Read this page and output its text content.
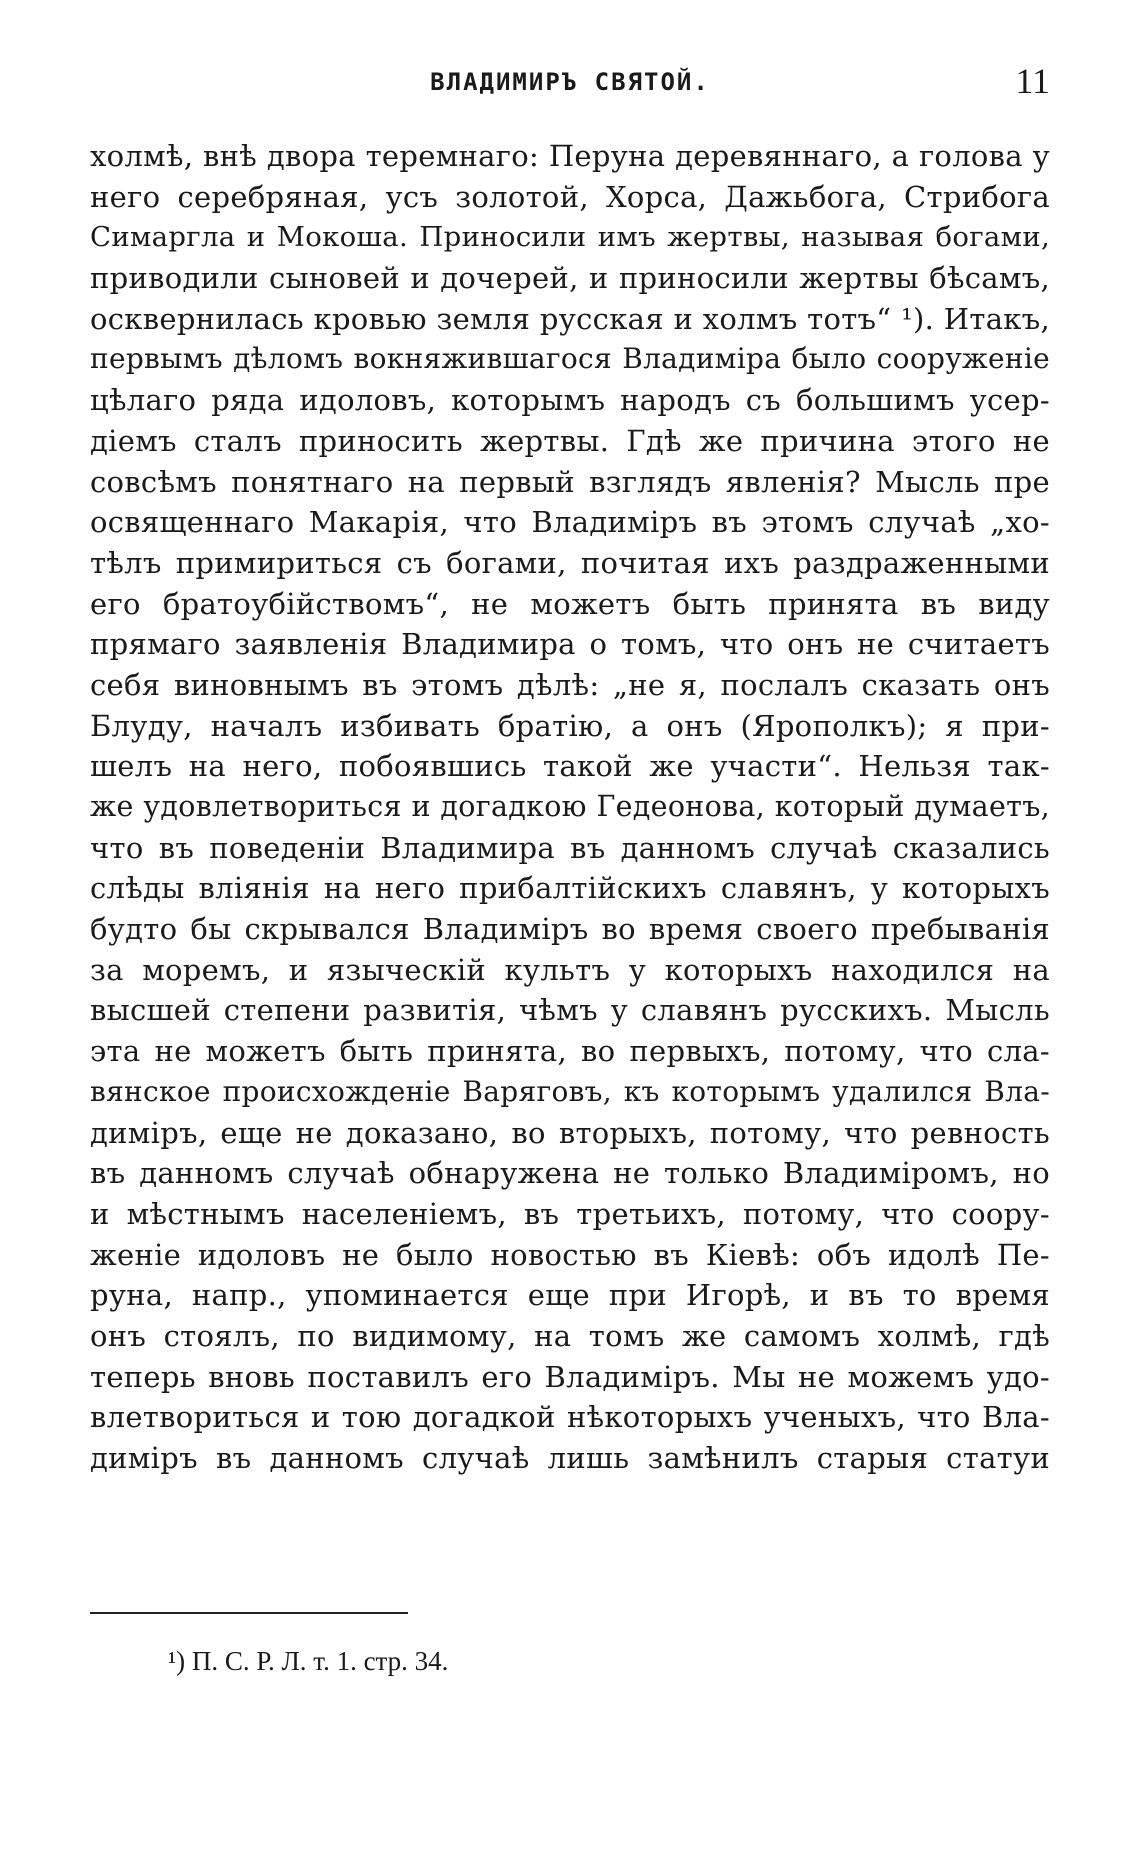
ВЛАДИМИРЪ СВЯТОЙ.	11
холмѣ, внѣ двора теремнаго: Перуна деревяннаго, а голова у
него серебряная, усъ золотой, Хорса, Дажьбога, Стрибога
Симаргла и Мокоша. Приносили имъ жертвы, называя богами,
приводили сыновей и дочерей, и приносили жертвы бѣсамъ,
осквернилась кровью земля русская и холмъ тотъ“ ¹). Итакъ,
первымъ дѣломъ вокняжившагося Владиміра было сооруженіе
цѣлаго ряда идоловъ, которымъ народъ съ большимъ усер-
діемъ сталъ приносить жертвы. Гдѣ же причина этого не
совсѣмъ понятнаго на первый взглядъ явленія? Мысль пре
освященнаго Макарія, что Владиміръ въ этомъ случаѣ „хо-
тѣлъ примириться съ богами, почитая ихъ раздраженными
его братоубійствомъ“, не можетъ быть принята въ виду
прямаго заявленія Владимира о томъ, что онъ не считаетъ
себя виновнымъ въ этомъ дѣлѣ: „не я, послалъ сказать онъ
Блуду, началъ избивать братію, а онъ (Ярополкъ); я при-
шелъ на него, побоявшись такой же участи“. Нельзя так-
же удовлетвориться и догадкою Гедеонова, который думаетъ,
что въ поведеніи Владимира въ данномъ случаѣ сказались
слѣды вліянія на него прибалтійскихъ славянъ, у которыхъ
будто бы скрывался Владиміръ во время своего пребыванія
за моремъ, и языческій культъ у которыхъ находился на
высшей степени развитія, чѣмъ у славянъ русскихъ. Мысль
эта не можетъ быть принята, во первыхъ, потому, что сла-
вянское происхожденіе Варяговъ, къ которымъ удалился Вла-
диміръ, еще не доказано, во вторыхъ, потому, что ревность
въ данномъ случаѣ обнаружена не только Владиміромъ, но
и мѣстнымъ населеніемъ, въ третьихъ, потому, что соору-
женіе идоловъ не было новостью въ Кіевѣ: объ идолѣ Пе-
руна, напр., упоминается еще при Игорѣ, и въ то время
онъ стоялъ, по видимому, на томъ же самомъ холмѣ, гдѣ
теперь вновь поставилъ его Владиміръ. Мы не можемъ удо-
влетвориться и тою догадкой нѣкоторыхъ ученыхъ, что Вла-
диміръ въ данномъ случаѣ лишь замѣнилъ старыя статуи
¹) П. С. Р. Л. т. 1. стр. 34.
